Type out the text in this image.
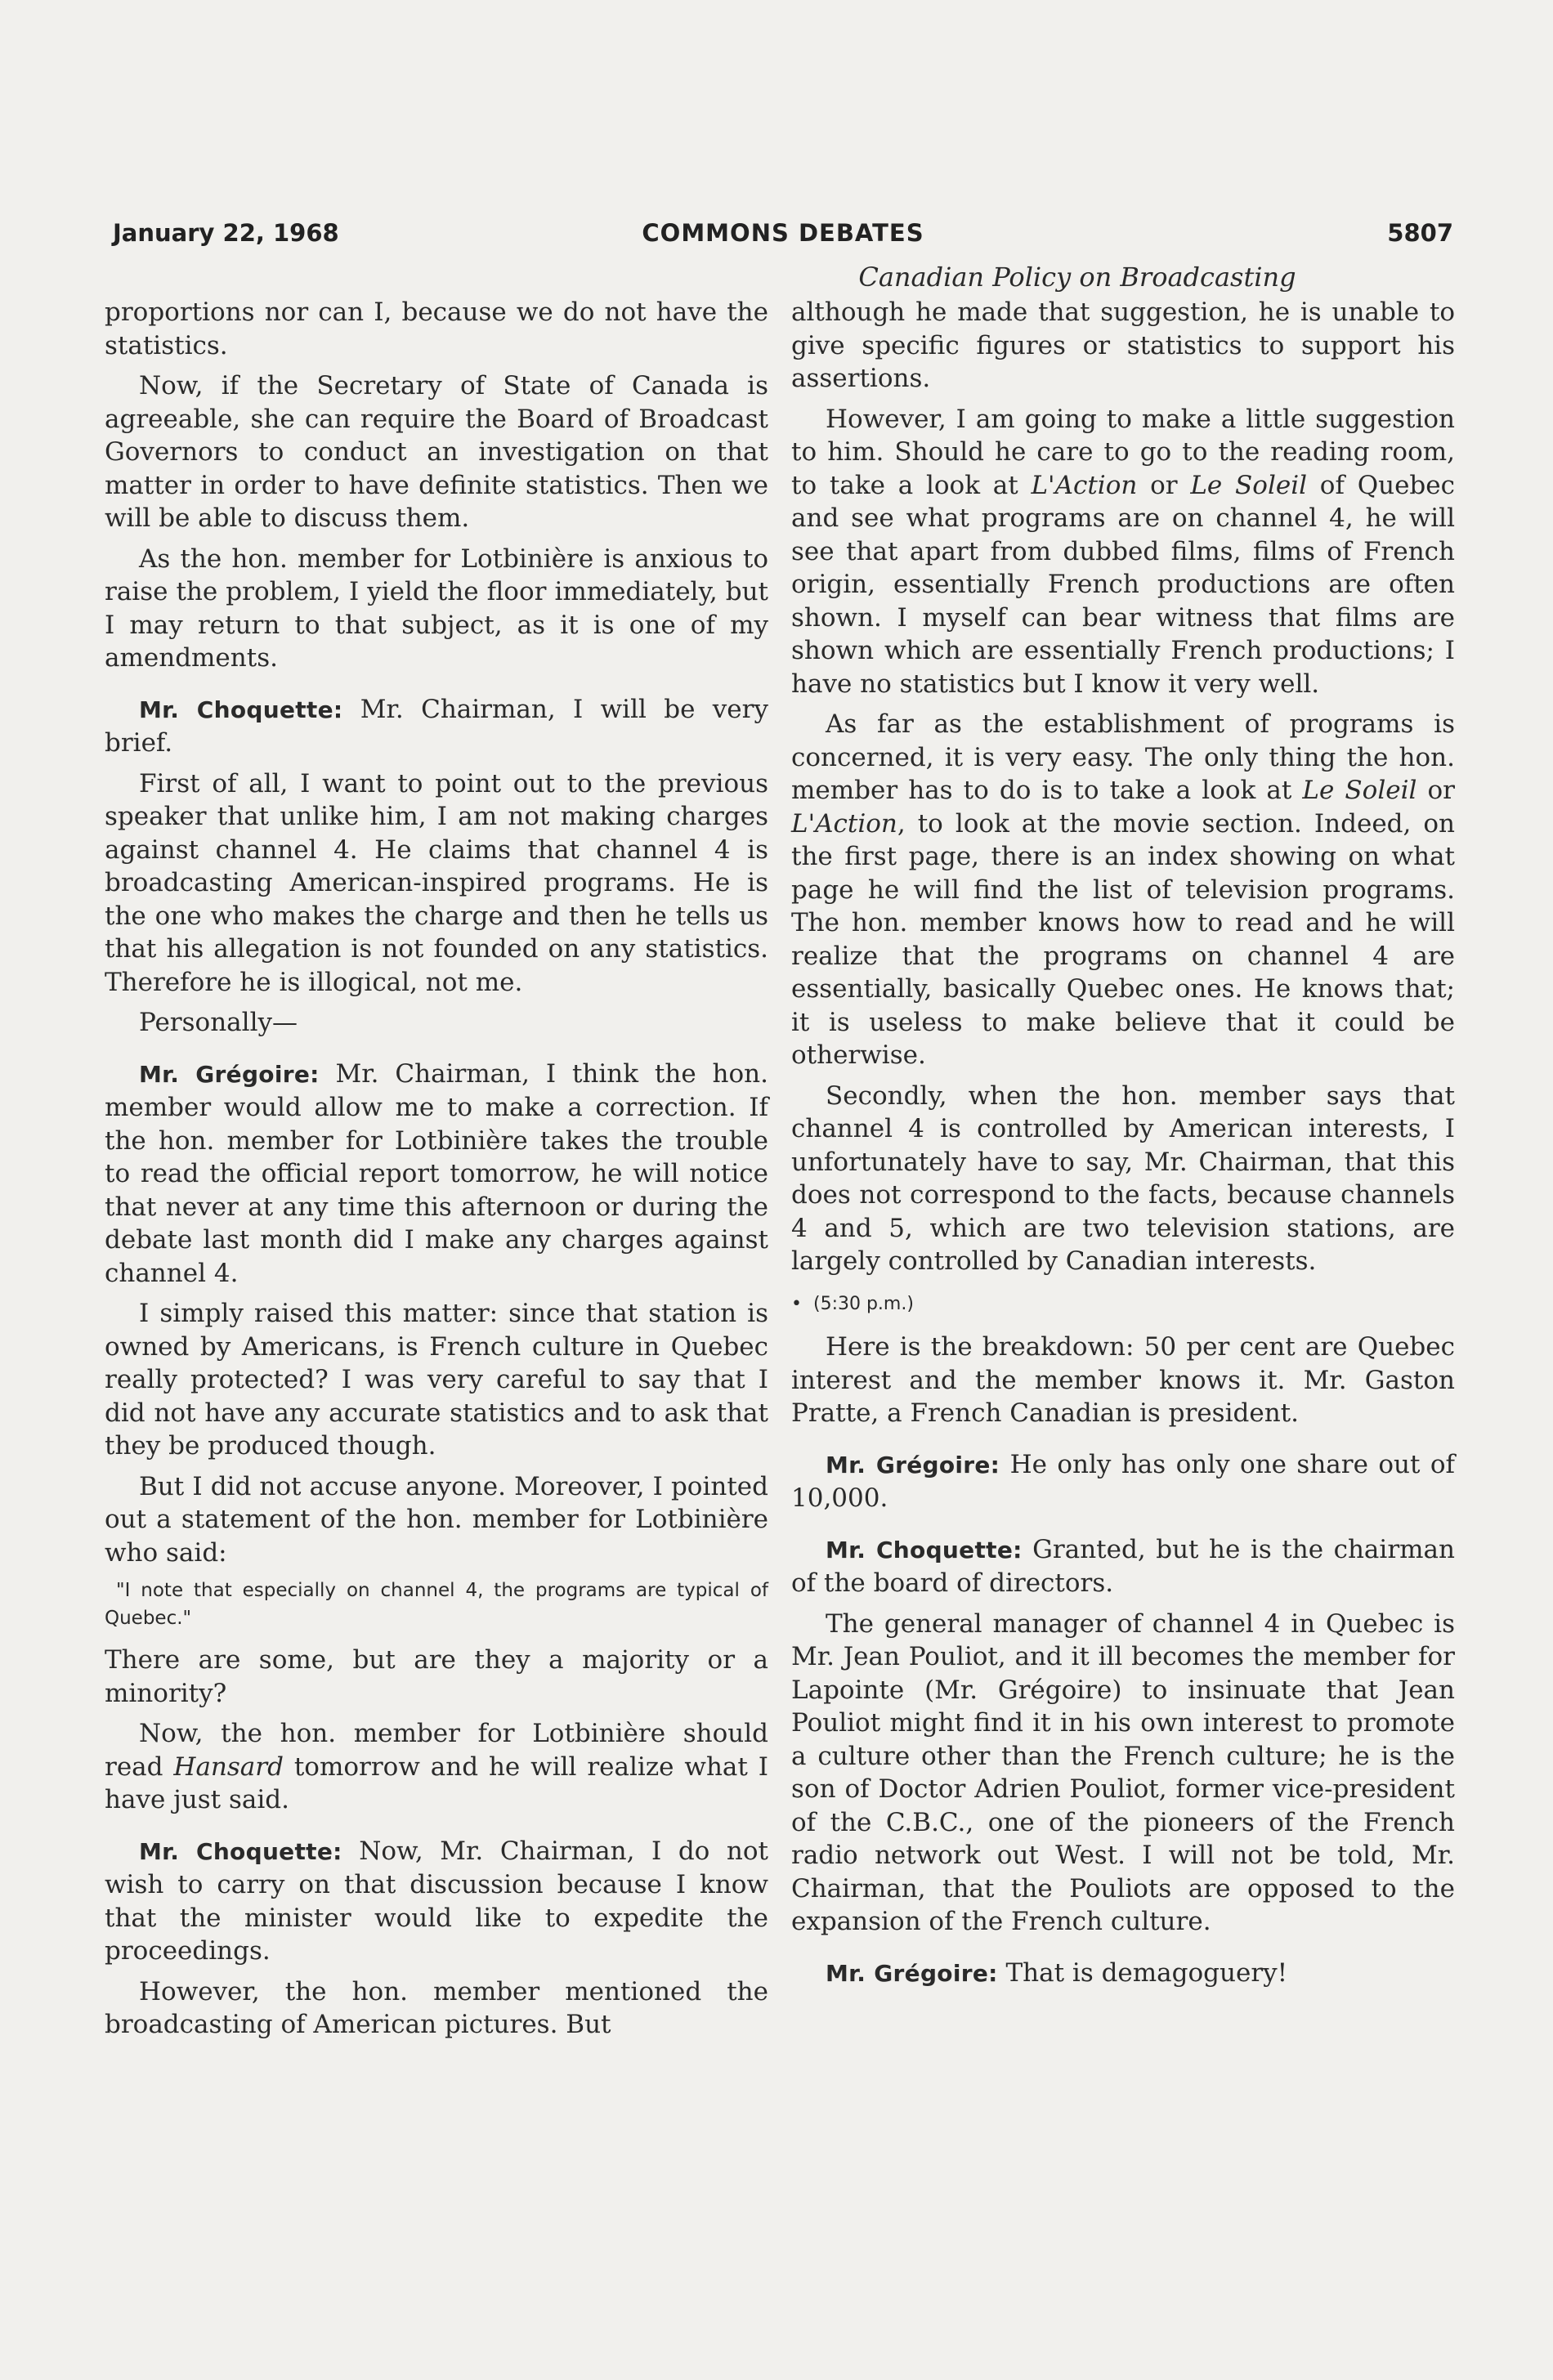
January 22, 1968	COMMONS DEBATES	5807
Canadian Policy on Broadcasting

proportions nor can I, because we do not have the statistics.

Now, if the Secretary of State of Canada is agreeable, she can require the Board of Broadcast Governors to conduct an investigation on that matter in order to have definite statistics. Then we will be able to discuss them.

As the hon. member for Lotbinière is anxious to raise the problem, I yield the floor immediately, but I may return to that subject, as it is one of my amendments.

Mr. Choquette: Mr. Chairman, I will be very brief.

First of all, I want to point out to the previous speaker that unlike him, I am not making charges against channel 4. He claims that channel 4 is broadcasting American-inspired programs. He is the one who makes the charge and then he tells us that his allegation is not founded on any statistics. Therefore he is illogical, not me.

Personally—

Mr. Grégoire: Mr. Chairman, I think the hon. member would allow me to make a correction. If the hon. member for Lotbinière takes the trouble to read the official report tomorrow, he will notice that never at any time this afternoon or during the debate last month did I make any charges against channel 4.

I simply raised this matter: since that station is owned by Americans, is French culture in Quebec really protected? I was very careful to say that I did not have any accurate statistics and to ask that they be produced though.

But I did not accuse anyone. Moreover, I pointed out a statement of the hon. member for Lotbinière who said:

"I note that especially on channel 4, the programs are typical of Quebec."

There are some, but are they a majority or a minority?

Now, the hon. member for Lotbinière should read Hansard tomorrow and he will realize what I have just said.

Mr. Choquette: Now, Mr. Chairman, I do not wish to carry on that discussion because I know that the minister would like to expedite the proceedings.

However, the hon. member mentioned the broadcasting of American pictures. But

although he made that suggestion, he is unable to give specific figures or statistics to support his assertions.

However, I am going to make a little suggestion to him. Should he care to go to the reading room, to take a look at L'Action or Le Soleil of Quebec and see what programs are on channel 4, he will see that apart from dubbed films, films of French origin, essentially French productions are often shown. I myself can bear witness that films are shown which are essentially French productions; I have no statistics but I know it very well.

As far as the establishment of programs is concerned, it is very easy. The only thing the hon. member has to do is to take a look at Le Soleil or L'Action, to look at the movie section. Indeed, on the first page, there is an index showing on what page he will find the list of television programs. The hon. member knows how to read and he will realize that the programs on channel 4 are essentially, basically Quebec ones. He knows that; it is useless to make believe that it could be otherwise.

Secondly, when the hon. member says that channel 4 is controlled by American interests, I unfortunately have to say, Mr. Chairman, that this does not correspond to the facts, because channels 4 and 5, which are two television stations, are largely controlled by Canadian interests.

• (5:30 p.m.)

Here is the breakdown: 50 per cent are Quebec interest and the member knows it. Mr. Gaston Pratte, a French Canadian is president.

Mr. Grégoire: He only has only one share out of 10,000.

Mr. Choquette: Granted, but he is the chairman of the board of directors.

The general manager of channel 4 in Quebec is Mr. Jean Pouliot, and it ill becomes the member for Lapointe (Mr. Grégoire) to insinuate that Jean Pouliot might find it in his own interest to promote a culture other than the French culture; he is the son of Doctor Adrien Pouliot, former vice-president of the C.B.C., one of the pioneers of the French radio network out West. I will not be told, Mr. Chairman, that the Pouliots are opposed to the expansion of the French culture.

Mr. Grégoire: That is demagoguery!
